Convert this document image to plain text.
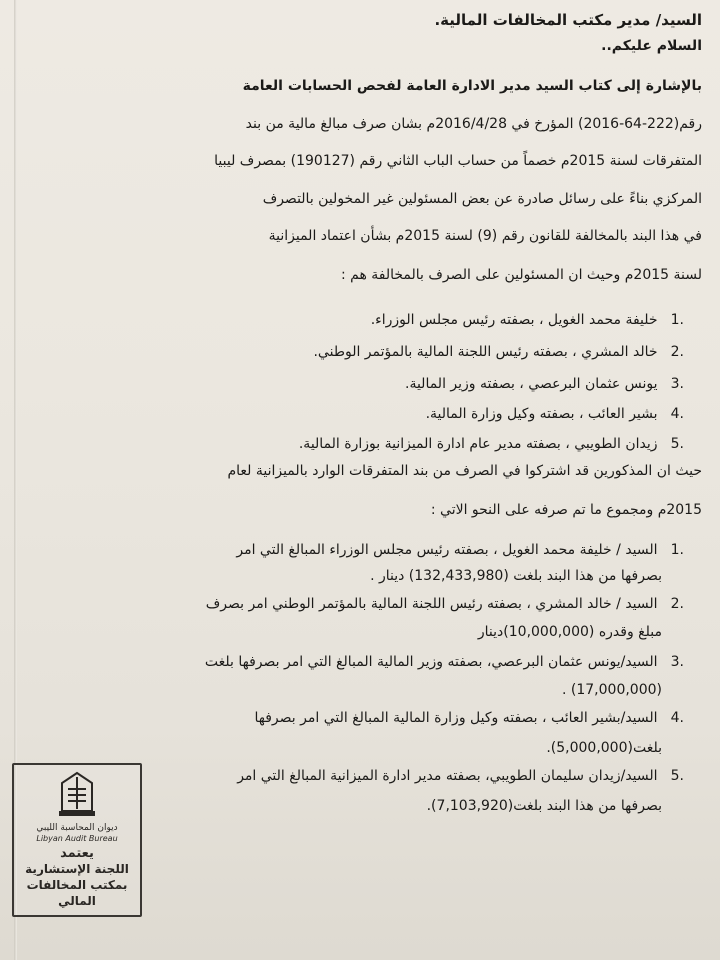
السيد/ مدير مكتب المخالفات المالية.
السلام عليكم..
بالإشارة إلى كتاب السيد مدير الادارة العامة لفحص الحسابات العامة
رقم(222-64-2016) المؤرخ في 2016/4/28م بشان صرف مبالغ مالية من بند
المتفرقات لسنة 2015م خصماً من حساب الباب الثاني رقم (190127) بمصرف ليبيا
المركزي بناءً على رسائل صادرة عن بعض المسئولين غير المخولين بالتصرف
في هذا البند بالمخالفة للقانون رقم (9) لسنة 2015م بشأن اعتماد الميزانية
لسنة 2015م وحيث ان المسئولين على الصرف بالمخالفة هم :
.1 خليفة محمد الغويل ، بصفته رئيس مجلس الوزراء.
.2 خالد المشري ، بصفته رئيس اللجنة المالية بالمؤتمر الوطني.
.3 يونس عثمان البرعصي ، بصفته وزير المالية.
.4 بشير العائب ، بصفته وكيل وزارة المالية.
.5 زيدان الطويبي ، بصفته مدير عام ادارة الميزانية بوزارة المالية.
حيث ان المذكورين قد اشتركوا في الصرف من بند المتفرقات الوارد بالميزانية لعام
2015م ومجموع ما تم صرفه على النحو الاتي :
.1 السيد / خليفة محمد الغويل ، بصفته رئيس مجلس الوزراء المبالغ التي امر
بصرفها من هذا البند بلغت (132,433,980) دينار .
.2 السيد / خالد المشري ، بصفته رئيس اللجنة المالية بالمؤتمر الوطني امر بصرف
مبلغ وقدره (10,000,000)دينار
.3 السيد/يونس عثمان البرعصي، بصفته وزير المالية المبالغ التي امر بصرفها بلغت
(17,000,000) .
.4 السيد/بشير العائب ، بصفته وكيل وزارة المالية المبالغ التي امر بصرفها
بلغت(5,000,000).
.5 السيد/زيدان سليمان الطويبي، بصفته مدير ادارة الميزانية المبالغ التي امر
بصرفها من هذا البند بلغت(7,103,920).
ديوان المحاسبة الليبي
Libyan Audit Bureau
يعتمد
اللجنة الإستشارية
بمكتب المخالفات المالي
